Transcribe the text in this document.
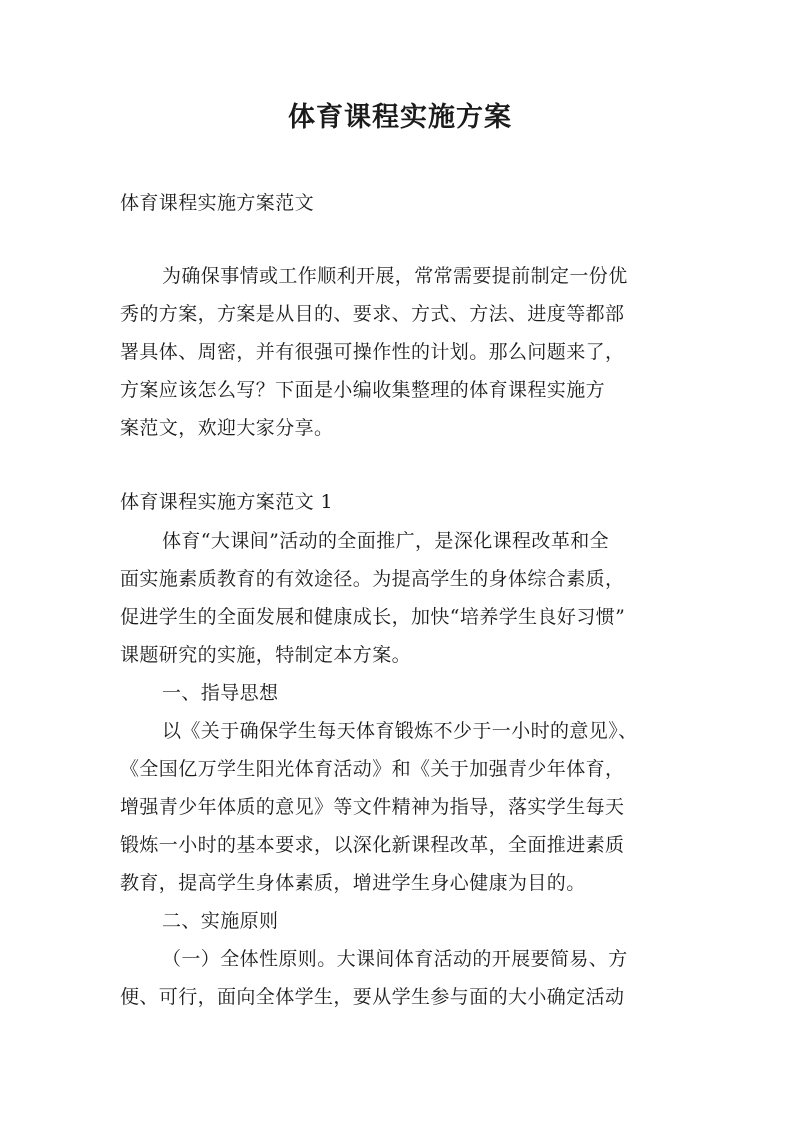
体育课程实施方案

体育课程实施方案范文

为确保事情或工作顺利开展，常常需要提前制定一份优

秀的方案，方案是从目的、要求、方式、方法、进度等都部

署具体、周密，并有很强可操作性的计划。那么问题来了，

方案应该怎么写？下面是小编收集整理的体育课程实施方

案范文，欢迎大家分享。

体育课程实施方案范文 1

体育“大课间”活动的全面推广，是深化课程改革和全

面实施素质教育的有效途径。为提高学生的身体综合素质，

促进学生的全面发展和健康成长，加快“培养学生良好习惯”

课题研究的实施，特制定本方案。

一、指导思想

以《关于确保学生每天体育锻炼不少于一小时的意见》、

《全国亿万学生阳光体育活动》和《关于加强青少年体育，

增强青少年体质的意见》等文件精神为指导，落实学生每天

锻炼一小时的基本要求，以深化新课程改革，全面推进素质

教育，提高学生身体素质，增进学生身心健康为目的。

二、实施原则

（一）全体性原则。大课间体育活动的开展要简易、方

便、可行，面向全体学生，要从学生参与面的大小确定活动
